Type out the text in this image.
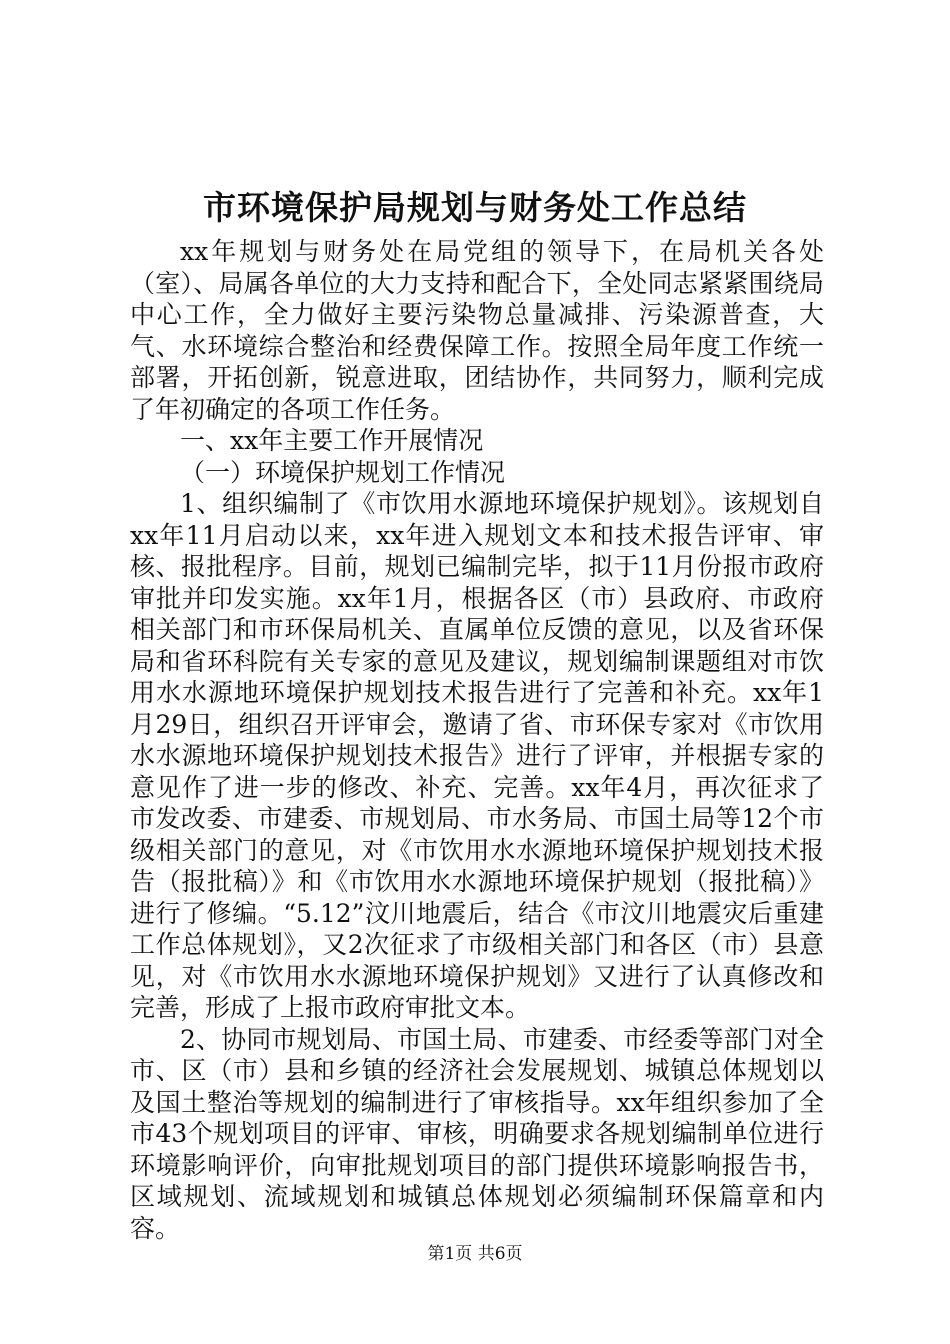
市环境保护局规划与财务处工作总结

xx年规划与财务处在局党组的领导下，在局机关各处（室）、局属各单位的大力支持和配合下，全处同志紧紧围绕局中心工作，全力做好主要污染物总量减排、污染源普查，大气、水环境综合整治和经费保障工作。按照全局年度工作统一部署，开拓创新，锐意进取，团结协作，共同努力，顺利完成了年初确定的各项工作任务。

一、xx年主要工作开展情况

（一）环境保护规划工作情况

1、组织编制了《市饮用水源地环境保护规划》。该规划自xx年11月启动以来，xx年进入规划文本和技术报告评审、审核、报批程序。目前，规划已编制完毕，拟于11月份报市政府审批并印发实施。xx年1月，根据各区（市）县政府、市政府相关部门和市环保局机关、直属单位反馈的意见，以及省环保局和省环科院有关专家的意见及建议，规划编制课题组对市饮用水水源地环境保护规划技术报告进行了完善和补充。xx年1月29日，组织召开评审会，邀请了省、市环保专家对《市饮用水水源地环境保护规划技术报告》进行了评审，并根据专家的意见作了进一步的修改、补充、完善。xx年4月，再次征求了市发改委、市建委、市规划局、市水务局、市国土局等12个市级相关部门的意见，对《市饮用水水源地环境保护规划技术报告（报批稿）》和《市饮用水水源地环境保护规划（报批稿）》进行了修编。“5.12”汶川地震后，结合《市汶川地震灾后重建工作总体规划》，又2次征求了市级相关部门和各区（市）县意见，对《市饮用水水源地环境保护规划》又进行了认真修改和完善，形成了上报市政府审批文本。

2、协同市规划局、市国土局、市建委、市经委等部门对全市、区（市）县和乡镇的经济社会发展规划、城镇总体规划以及国土整治等规划的编制进行了审核指导。xx年组织参加了全市43个规划项目的评审、审核，明确要求各规划编制单位进行环境影响评价，向审批规划项目的部门提供环境影响报告书，区域规划、流域规划和城镇总体规划必须编制环保篇章和内容。

第1页 共6页
